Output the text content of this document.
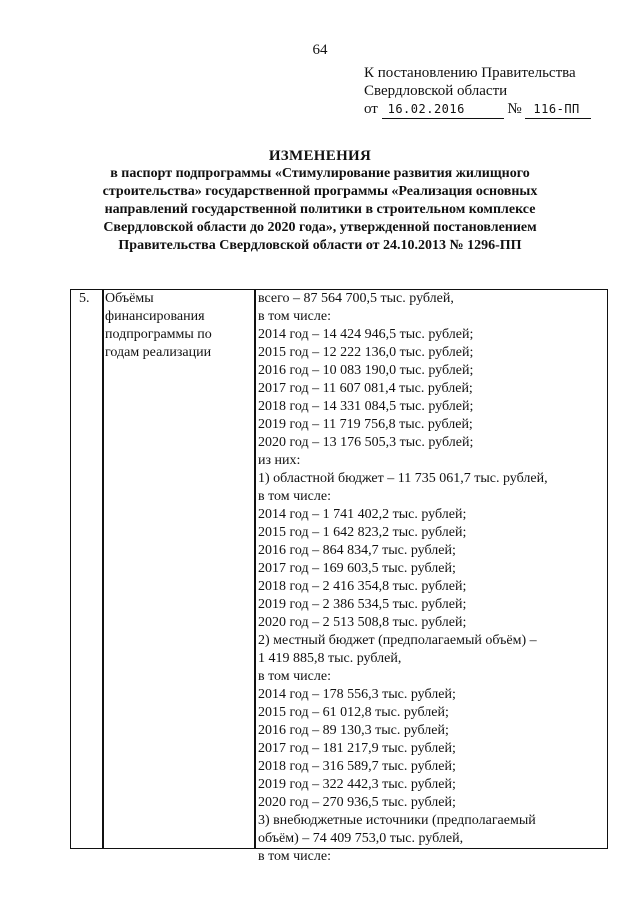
64
К постановлению Правительства
Свердловской области
от 16.02.2016	№ 116-ПП
ИЗМЕНЕНИЯ
в паспорт подпрограммы «Стимулирование развития жилищного
строительства» государственной программы «Реализация основных
направлений государственной политики в строительном комплексе
Свердловской области до 2020 года», утвержденной постановлением
Правительства Свердловской области от 24.10.2013 № 1296-ПП
5. Объёмы
финансирования
подпрограммы по
годам реализации
всего – 87 564 700,5 тыс. рублей,
в том числе:
2014 год – 14 424 946,5 тыс. рублей;
2015 год – 12 222 136,0 тыс. рублей;
2016 год – 10 083 190,0 тыс. рублей;
2017 год – 11 607 081,4 тыс. рублей;
2018 год – 14 331 084,5 тыс. рублей;
2019 год – 11 719 756,8 тыс. рублей;
2020 год – 13 176 505,3 тыс. рублей;
из них:
1) областной бюджет – 11 735 061,7 тыс. рублей,
в том числе:
2014 год – 1 741 402,2 тыс. рублей;
2015 год – 1 642 823,2 тыс. рублей;
2016 год – 864 834,7 тыс. рублей;
2017 год – 169 603,5 тыс. рублей;
2018 год – 2 416 354,8 тыс. рублей;
2019 год – 2 386 534,5 тыс. рублей;
2020 год – 2 513 508,8 тыс. рублей;
2) местный бюджет (предполагаемый объём) –
1 419 885,8 тыс. рублей,
в том числе:
2014 год – 178 556,3 тыс. рублей;
2015 год – 61 012,8 тыс. рублей;
2016 год – 89 130,3 тыс. рублей;
2017 год – 181 217,9 тыс. рублей;
2018 год – 316 589,7 тыс. рублей;
2019 год – 322 442,3 тыс. рублей;
2020 год – 270 936,5 тыс. рублей;
3) внебюджетные источники (предполагаемый
объём) – 74 409 753,0 тыс. рублей,
в том числе:
